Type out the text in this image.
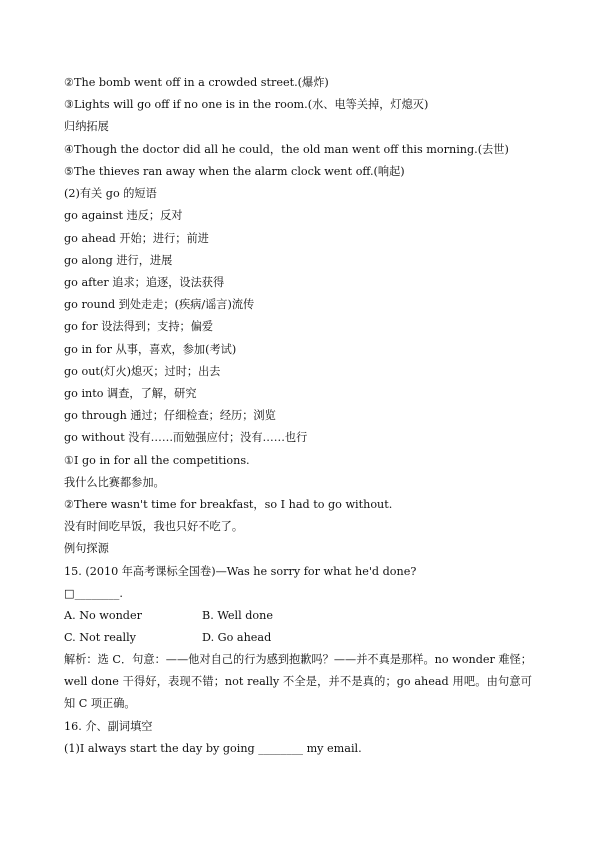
②The bomb went off in a crowded street.(爆炸)
③Lights will go off if no one is in the room.(水、电等关掉，灯熄灭)
归纳拓展
④Though the doctor did all he could，the old man went off this morning.(去世)
⑤The thieves ran away when the alarm clock went off.(响起)
(2)有关 go 的短语
go against 违反；反对
go ahead 开始；进行；前进
go along 进行，进展
go after 追求；追逐，设法获得
go round 到处走走；(疾病/谣言)流传
go for 设法得到；支持；偏爱
go in for 从事，喜欢，参加(考试)
go out(灯火)熄灭；过时；出去
go into 调查，了解，研究
go through 通过；仔细检查；经历；浏览
go without 没有……而勉强应付；没有……也行
①I go in for all the competitions.
我什么比赛都参加。
②There wasn't time for breakfast，so I had to go without.
没有时间吃早饭，我也只好不吃了。
例句探源
15. (2010 年高考课标全国卷)—Was he sorry for what he'd done?
□________.
A. No wonder	B. Well done
C. Not really	D. Go ahead
解析：选 C．句意：——他对自己的行为感到抱歉吗？——并不真是那样。no wonder 难怪；well done 干得好，表现不错；not really 不全是，并不是真的；go ahead 用吧。由句意可知 C 项正确。
16. 介、副词填空
(1)I always start the day by going ________ my email.
